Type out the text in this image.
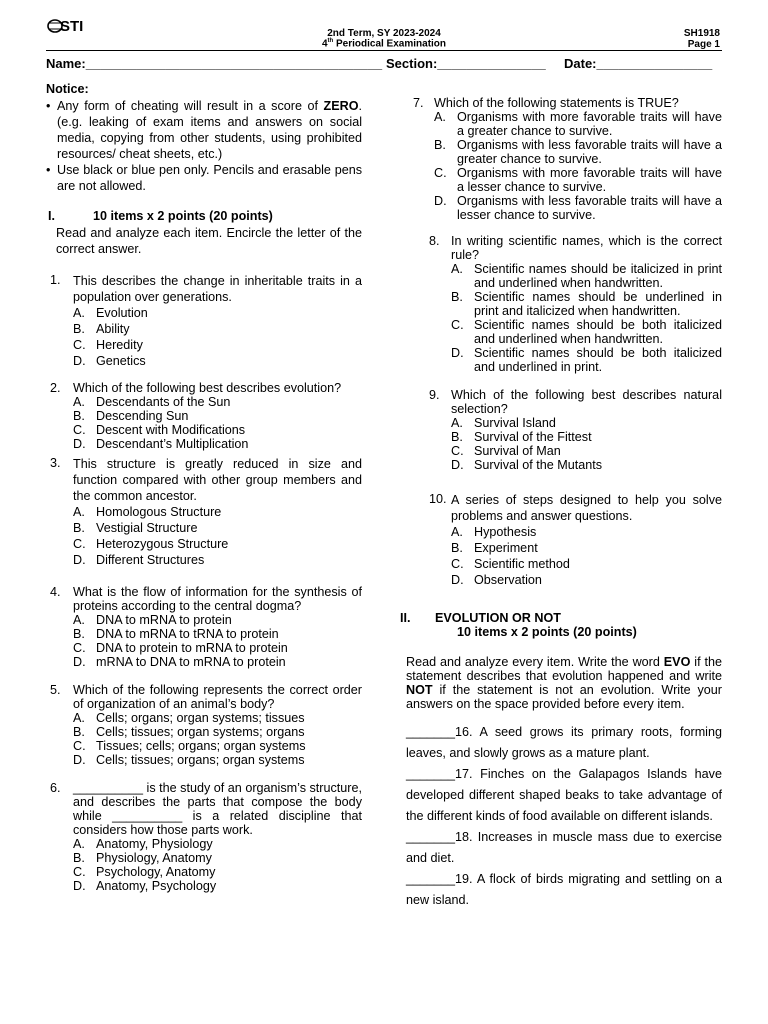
STI	2nd Term, SY 2023-2024
4th Periodical Examination
SH1918
Page 1
Name:_________________________________________ Section:_______________ Date:________________
Notice:
• Any form of cheating will result in a score of ZERO. (e.g. leaking of exam items and answers on social media, copying from other students, using prohibited resources/ cheat sheets, etc.)
• Use black or blue pen only. Pencils and erasable pens are not allowed.
I.	10 items x 2 points (20 points)
Read and analyze each item. Encircle the letter of the correct answer.
1. This describes the change in inheritable traits in a population over generations.
A. Evolution
B. Ability
C. Heredity
D. Genetics
2. Which of the following best describes evolution?
A. Descendants of the Sun
B. Descending Sun
C. Descent with Modifications
D. Descendant’s Multiplication
3. This structure is greatly reduced in size and function compared with other group members and the common ancestor.
A. Homologous Structure
B. Vestigial Structure
C. Heterozygous Structure
D. Different Structures
4. What is the flow of information for the synthesis of proteins according to the central dogma?
A. DNA to mRNA to protein
B. DNA to mRNA to tRNA to protein
C. DNA to protein to mRNA to protein
D. mRNA to DNA to mRNA to protein
5. Which of the following represents the correct order of organization of an animal’s body?
A. Cells; organs; organ systems; tissues
B. Cells; tissues; organ systems; organs
C. Tissues; cells; organs; organ systems
D. Cells; tissues; organs; organ systems
6. __________ is the study of an organism’s structure, and describes the parts that compose the body while __________ is a related discipline that considers how those parts work.
A. Anatomy, Physiology
B. Physiology, Anatomy
C. Psychology, Anatomy
D. Anatomy, Psychology
7. Which of the following statements is TRUE?
A. Organisms with more favorable traits will have a greater chance to survive.
B. Organisms with less favorable traits will have a greater chance to survive.
C. Organisms with more favorable traits will have a lesser chance to survive.
D. Organisms with less favorable traits will have a lesser chance to survive.
8. In writing scientific names, which is the correct rule?
A. Scientific names should be italicized in print and underlined when handwritten.
B. Scientific names should be underlined in print and italicized when handwritten.
C. Scientific names should be both italicized and underlined when handwritten.
D. Scientific names should be both italicized and underlined in print.
9. Which of the following best describes natural selection?
A. Survival Island
B. Survival of the Fittest
C. Survival of Man
D. Survival of the Mutants
10. A series of steps designed to help you solve problems and answer questions.
A. Hypothesis
B. Experiment
C. Scientific method
D. Observation
II. EVOLUTION OR NOT
10 items x 2 points (20 points)
Read and analyze every item. Write the word EVO if the statement describes that evolution happened and write NOT if the statement is not an evolution. Write your answers on the space provided before every item.
_______16. A seed grows its primary roots, forming leaves, and slowly grows as a mature plant.
_______17. Finches on the Galapagos Islands have developed different shaped beaks to take advantage of the different kinds of food available on different islands.
_______18. Increases in muscle mass due to exercise and diet.
_______19. A flock of birds migrating and settling on a new island.
